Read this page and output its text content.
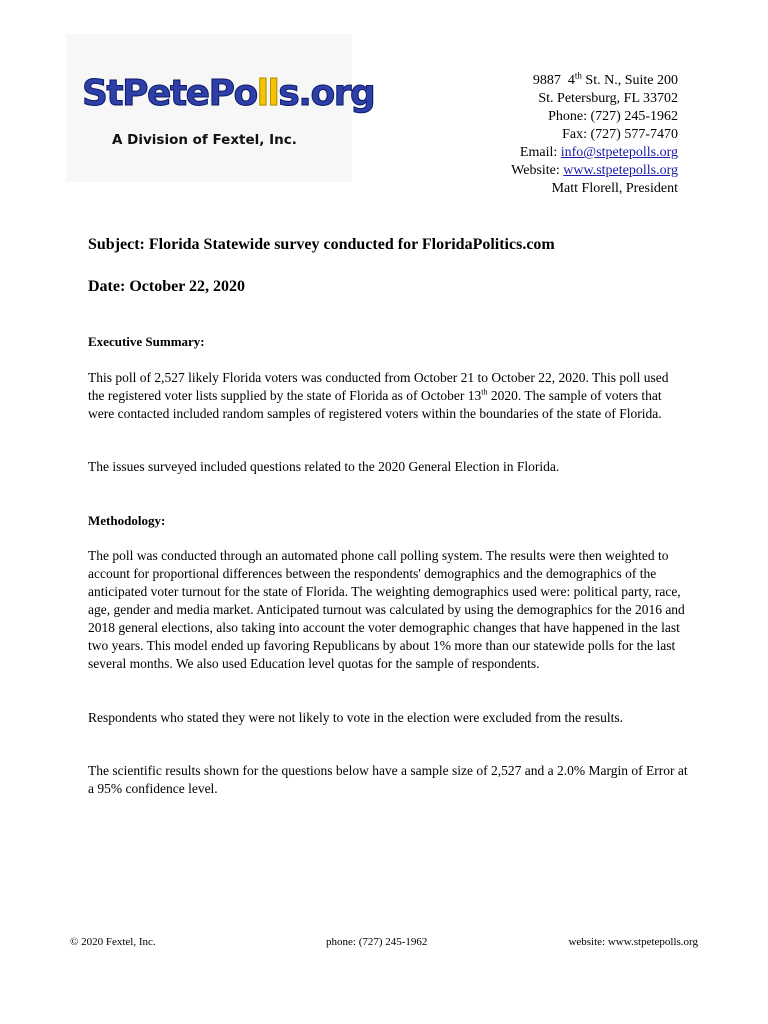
StPetePolls.org
A Division of Fextel, Inc.
9887 4th St. N., Suite 200
St. Petersburg, FL 33702
Phone: (727) 245-1962
Fax: (727) 577-7470
Email: info@stpetepolls.org
Website: www.stpetepolls.org
Matt Florell, President
Subject: Florida Statewide survey conducted for FloridaPolitics.com
Date: October 22, 2020
Executive Summary:
This poll of 2,527 likely Florida voters was conducted from October 21 to October 22, 2020. This poll used the registered voter lists supplied by the state of Florida as of October 13th 2020. The sample of voters that were contacted included random samples of registered voters within the boundaries of the state of Florida.
The issues surveyed included questions related to the 2020 General Election in Florida.
Methodology:
The poll was conducted through an automated phone call polling system. The results were then weighted to account for proportional differences between the respondents' demographics and the demographics of the anticipated voter turnout for the state of Florida. The weighting demographics used were: political party, race, age, gender and media market. Anticipated turnout was calculated by using the demographics for the 2016 and 2018 general elections, also taking into account the voter demographic changes that have happened in the last two years. This model ended up favoring Republicans by about 1% more than our statewide polls for the last several months. We also used Education level quotas for the sample of respondents.
Respondents who stated they were not likely to vote in the election were excluded from the results.
The scientific results shown for the questions below have a sample size of 2,527 and a 2.0% Margin of Error at a 95% confidence level.
© 2020 Fextel, Inc.	phone: (727) 245-1962	website: www.stpetepolls.org
